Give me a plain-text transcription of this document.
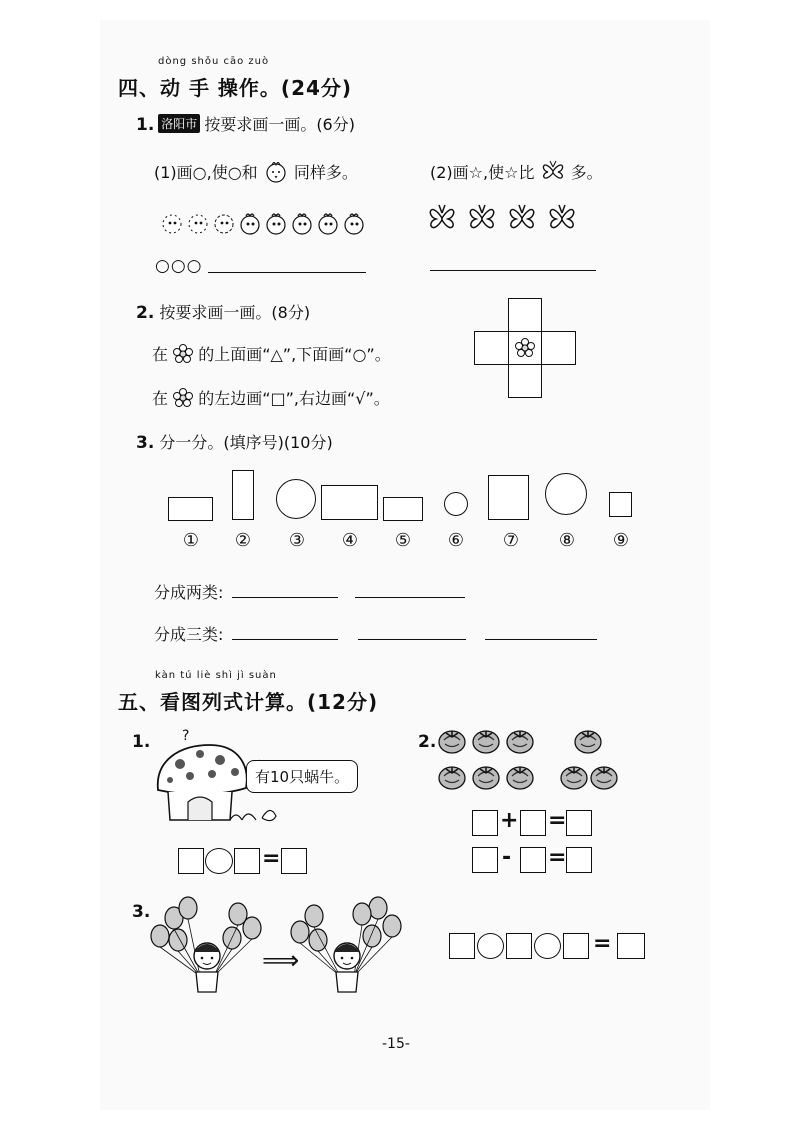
dòng shǒu cāo zuò
四、动 手 操作。(24分)
1. 洛阳市 按要求画一画。(6分)
(1)画○,使○和 同样多。	(2)画☆,使☆比 多。
○○○
2. 按要求画一画。(8分)
在 的上面画“△”,下面画“○”。
在 的左边画“□”,右边画“√”。
3. 分一分。(填序号)(10分)
①	②	③	④	⑤	⑥	⑦	⑧	⑨
分成两类:
分成三类:
kàn tú liè shì jì suàn
五、看图列式计算。(12分)
1. ?
有10只蜗牛。
=
2.
+ =
- =
3.
⟹
=
-15-
